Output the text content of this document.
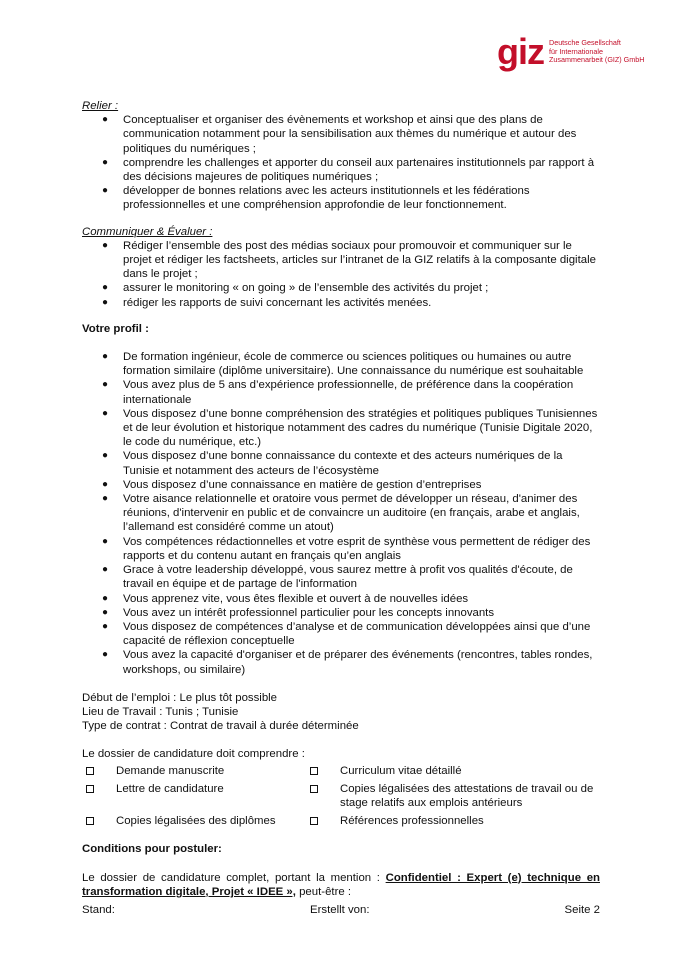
giz Deutsche Gesellschaft
für Internationale
Zusammenarbeit (GIZ) GmbH

Relier :

● Conceptualiser et organiser des évènements et workshop et ainsi que des plans de communication notamment pour la sensibilisation aux thèmes du numérique et autour des politiques du numériques ;
● comprendre les challenges et apporter du conseil aux partenaires institutionnels par rapport à des décisions majeures de politiques numériques ;
● développer de bonnes relations avec les acteurs institutionnels et les fédérations professionnelles et une compréhension approfondie de leur fonctionnement.

Communiquer & Évaluer :

● Rédiger l’ensemble des post des médias sociaux pour promouvoir et communiquer sur le projet et rédiger les factsheets, articles sur l’intranet de la GIZ relatifs à la composante digitale dans le projet ;
● assurer le monitoring « on going » de l’ensemble des activités du projet ;
● rédiger les rapports de suivi concernant les activités menées.

Votre profil :

● De formation ingénieur, école de commerce ou sciences politiques ou humaines ou autre formation similaire (diplôme universitaire). Une connaissance du numérique est souhaitable
● Vous avez plus de 5 ans d’expérience professionnelle, de préférence dans la coopération internationale
● Vous disposez d’une bonne compréhension des stratégies et politiques publiques Tunisiennes et de leur évolution et historique notamment des cadres du numérique (Tunisie Digitale 2020, le code du numérique, etc.)
● Vous disposez d’une bonne connaissance du contexte et des acteurs numériques de la Tunisie et notamment des acteurs de l’écosystème
● Vous disposez d’une connaissance en matière de gestion d’entreprises
● Votre aisance relationnelle et oratoire vous permet de développer un réseau, d'animer des réunions, d'intervenir en public et de convaincre un auditoire (en français, arabe et anglais, l’allemand est considéré comme un atout)
● Vos compétences rédactionnelles et votre esprit de synthèse vous permettent de rédiger des rapports et du contenu autant en français qu’en anglais
● Grace à votre leadership développé, vous saurez mettre à profit vos qualités d'écoute, de travail en équipe et de partage de l'information
● Vous apprenez vite, vous êtes flexible et ouvert à de nouvelles idées
● Vous avez un intérêt professionnel particulier pour les concepts innovants
● Vous disposez de compétences d’analyse et de communication développées ainsi que d’une capacité de réflexion conceptuelle
● Vous avez la capacité d'organiser et de préparer des événements (rencontres, tables rondes, workshops, ou similaire)

Début de l’emploi : Le plus tôt possible

Lieu de Travail : Tunis ; Tunisie

Type de contrat : Contrat de travail à durée déterminée

Le dossier de candidature doit comprendre :

Demande manuscrite	Curriculum vitae détaillé
Lettre de candidature	Copies légalisées des attestations de travail ou de stage relatifs aux emplois antérieurs
Copies légalisées des diplômes	Références professionnelles

Conditions pour postuler:

Le dossier de candidature complet, portant la mention : Confidentiel : Expert (e) technique en transformation digitale, Projet « IDEE », peut-être :

Stand:	Erstellt von:	Seite 2
